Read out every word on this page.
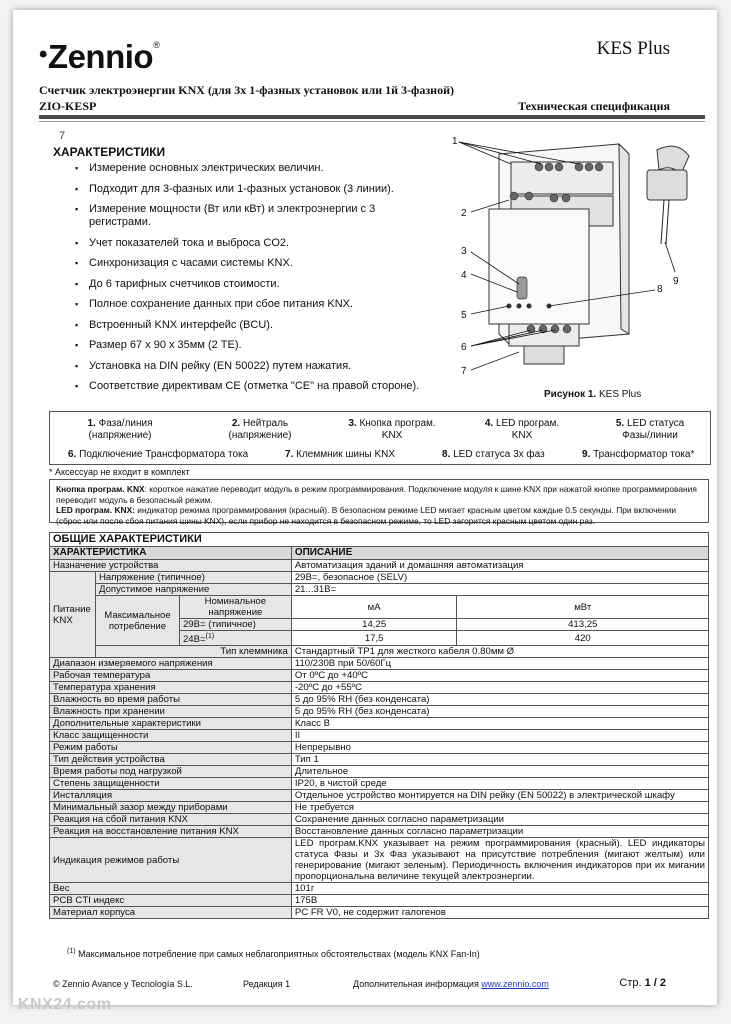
•Zennio®	KES Plus
Счетчик электроэнергии KNX (для 3х 1-фазных установок или 1й 3-фазной)
ZIO-KESP	Техническая спецификация
7
ХАРАКТЕРИСТИКИ
▪ Измерение основных электрических величин.
▪ Подходит для 3-фазных или 1-фазных установок (3 линии).
▪ Измерение мощности (Вт или кВт) и электроэнергии с 3 регистрами.
▪ Учет показателей тока и выброса CO2.
▪ Синхронизация с часами системы KNX.
▪ До 6 тарифных счетчиков стоимости.
▪ Полное сохранение данных при сбое питания KNX.
▪ Встроенный KNX интерфейс (BCU).
▪ Размер 67 x 90 x 35мм (2 TE).
▪ Установка на DIN рейку (EN 50022) путем нажатия.
▪ Соответствие директивам CE (отметка "CE" на правой стороне).
1
2
3
4
5
6
7
8
9
Рисунок 1. KES Plus
1. Фаза/линия
(напряжение)
2. Нейтраль
(напряжение)
3. Кнопка програм.
KNX
4. LED програм.
KNX
5. LED статуса
Фазы/линии
6. Подключение Трансформатора тока	7. Клеммник шины KNX	8. LED статуса 3х фаз	9. Трансформатор тока*
* Аксессуар не входит в комплект
Кнопка програм. KNX: короткое нажатие переводит модуль в режим программирования. Подключение модуля к шине KNX при нажатой кнопке программирования переводит модуль в безопасный режим.
LED програм. KNX: индикатор режима программирования (красный). В безопасном режиме LED мигает красным цветом каждые 0.5 секунды. При включении (сброс или после сбоя питания шины KNX), если прибор не находится в безопасном режиме, то LED загорится красным цветом один раз.
ОБЩИЕ ХАРАКТЕРИСТИКИ				
ХАРАКТЕРИСТИКА			ОПИСАНИЕ	
Назначение устройства			Автоматизация зданий и домашняя автоматизация	
Питание KNX	Напряжение (типичное)		29В=, безопасное (SELV)	
	Допустимое напряжение		21...31В=	
	Максимальное потребление	Номинальное напряжение	мА	мВт
		29В= (типичное)	14,25	413,25
		24В=$^{(1)}$	17,5	420
	Тип клеммника		Стандартный TP1 для жесткого кабеля 0.80мм Ø	
Диапазон измеряемого напряжения			110/230В при 50/60Гц	
Рабочая температура			От 0ºC до +40ºC	
Температура хранения			-20ºC до +55ºC	
Влажность во время работы			5 до 95% RH (без конденсата)	
Влажность при хранении			5 до 95% RH (без конденсата)	
Дополнительные характеристики			Класс B	
Класс защищенности			II	
Режим работы			Непрерывно	
Тип действия устройства			Тип 1	
Время работы под нагрузкой			Длительное	
Степень защищенности			IP20, в чистой среде	
Инсталляция			Отдельное устройство монтируется на DIN рейку (EN 50022) в электрической шкафу	
Минимальный зазор между приборами			Не требуется	
Реакция на сбой питания KNX			Сохранение данных согласно параметризации	
Реакция на восстановление питания KNX			Восстановление данных согласно параметризации	
Индикация режимов работы			LED програм.KNX указывает на режим программирования (красный). LED индикаторы статуса Фазы и 3х Фаз указывают на присутствие потребления (мигают желтым) или генерирование (мигают зеленым). Периодичность включения индикаторов при их мигании пропорциональна величине текущей электроэнергии.	
Вес			101г	
PCB CTI индекс			175В	
Материал корпуса			PC FR V0, не содержит галогенов	
$^{(1)}$ Максимальное потребление при самых неблагоприятных обстоятельствах (модель KNX Fan-In)
© Zennio Avance y Tecnología S.L.	Редакция 1	Дополнительная информация www.zennio.com	Стр. 1 / 2
KNX24.com
